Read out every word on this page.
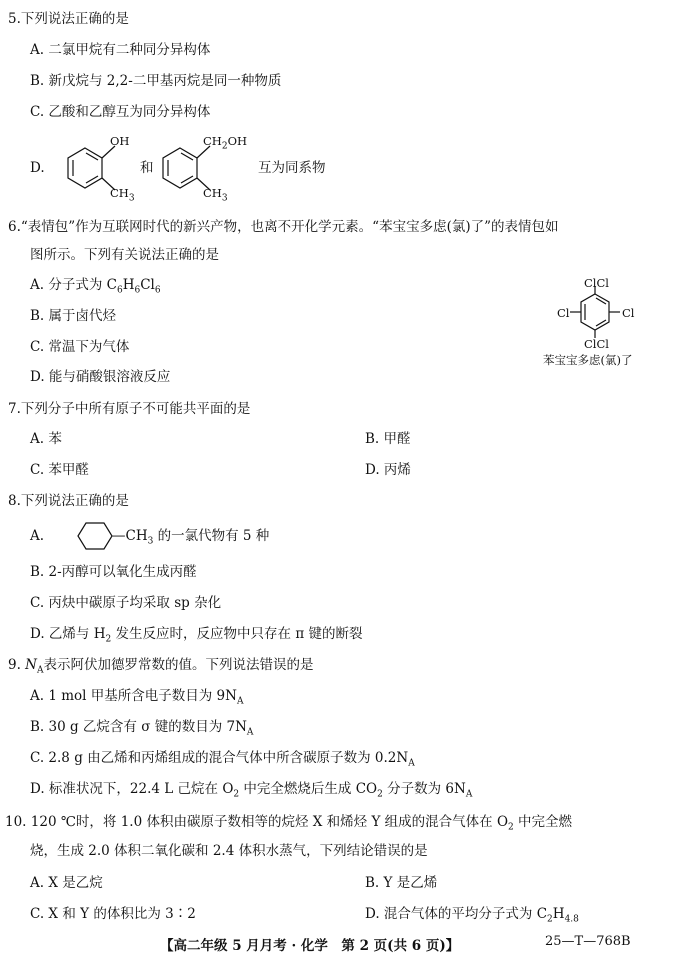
5.下列说法正确的是
A. 二氯甲烷有二种同分异构体
B. 新戊烷与 2,2-二甲基丙烷是同一种物质
C. 乙酸和乙醇互为同分异构体
D.
OH
$CH_3$
和
$CH_2OH$
$CH_3$
互为同系物
6.“表情包”作为互联网时代的新兴产物，也离不开化学元素。“苯宝宝多虑(氯)了”的表情包如
图所示。下列有关说法正确的是
A. 分子式为 $C_6H_6Cl_6$
B. 属于卤代烃
C. 常温下为气体
D. 能与硝酸银溶液反应
ClCl
Cl	Cl
ClCl
苯宝宝多虑(氯)了
7.下列分子中所有原子不可能共平面的是
A. 苯	B. 甲醛
C. 苯甲醛	D. 丙烯
8.下列说法正确的是
A.	$—CH_3$ 的一氯代物有 5 种
B. 2-丙醇可以氧化生成丙醛
C. 丙炔中碳原子均采取 sp 杂化
D. 乙烯与 $H_2$ 发生反应时，反应物中只存在 π 键的断裂
9. $N_A$表示阿伏加德罗常数的值。下列说法错误的是
A. 1 mol 甲基所含电子数目为 $9N_A$
B. 30 g 乙烷含有 σ 键的数目为 $7N_A$
C. 2.8 g 由乙烯和丙烯组成的混合气体中所含碳原子数为 $0.2N_A$
D. 标准状况下，22.4 L 己烷在 $O_2$ 中完全燃烧后生成 $CO_2$ 分子数为 $6N_A$
10. 120 ℃时，将 1.0 体积由碳原子数相等的烷烃 X 和烯烃 Y 组成的混合气体在 $O_2$ 中完全燃
烧，生成 2.0 体积二氧化碳和 2.4 体积水蒸气，下列结论错误的是
A. X 是乙烷	B. Y 是乙烯
C. X 和 Y 的体积比为 3∶2	D. 混合气体的平均分子式为 $C_2H_{4.8}$
【高二年级 5 月月考 · 化学　第 2 页(共 6 页)】	25—T—768B
